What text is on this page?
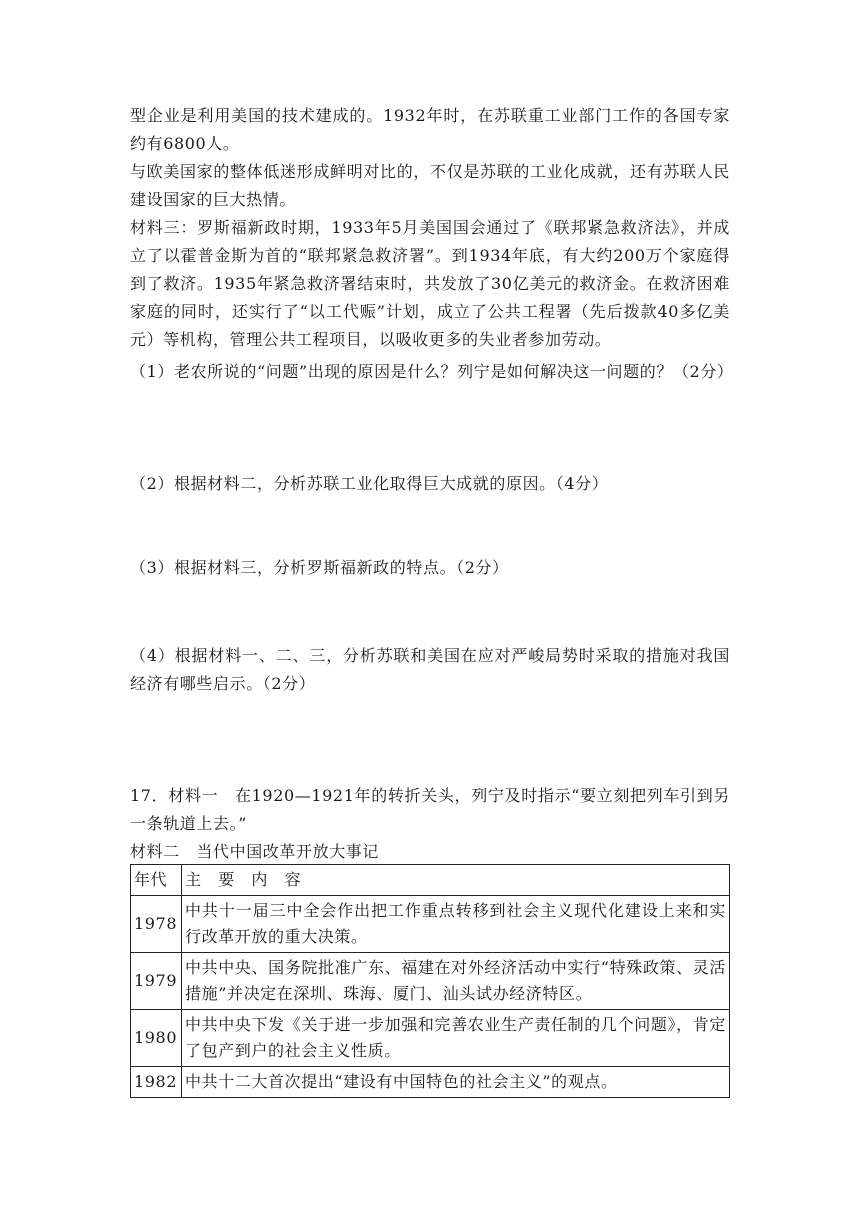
型企业是利用美国的技术建成的。1932年时，在苏联重工业部门工作的各国专家约有6800人。

与欧美国家的整体低迷形成鲜明对比的，不仅是苏联的工业化成就，还有苏联人民建设国家的巨大热情。

材料三：罗斯福新政时期，1933年5月美国国会通过了《联邦紧急救济法》，并成立了以霍普金斯为首的“联邦紧急救济署”。到1934年底，有大约200万个家庭得到了救济。1935年紧急救济署结束时，共发放了30亿美元的救济金。在救济困难家庭的同时，还实行了“以工代赈”计划，成立了公共工程署（先后拨款40多亿美元）等机构，管理公共工程项目，以吸收更多的失业者参加劳动。

（1）老农所说的“问题”出现的原因是什么？列宁是如何解决这一问题的？（2分）

（2）根据材料二，分析苏联工业化取得巨大成就的原因。（4分）

（3）根据材料三，分析罗斯福新政的特点。（2分）

（4）根据材料一、二、三，分析苏联和美国在应对严峻局势时采取的措施对我国经济有哪些启示。（2分）

17．材料一　在1920—1921年的转折关头，列宁及时指示“要立刻把列车引到另一条轨道上去。”

材料二　当代中国改革开放大事记

年代	主　要　内　容
1978	中共十一届三中全会作出把工作重点转移到社会主义现代化建设上来和实行改革开放的重大决策。
1979	中共中央、国务院批准广东、福建在对外经济活动中实行“特殊政策、灵活措施”并决定在深圳、珠海、厦门、汕头试办经济特区。
1980	中共中央下发《关于进一步加强和完善农业生产责任制的几个问题》，肯定了包产到户的社会主义性质。
1982	中共十二大首次提出“建设有中国特色的社会主义”的观点。
